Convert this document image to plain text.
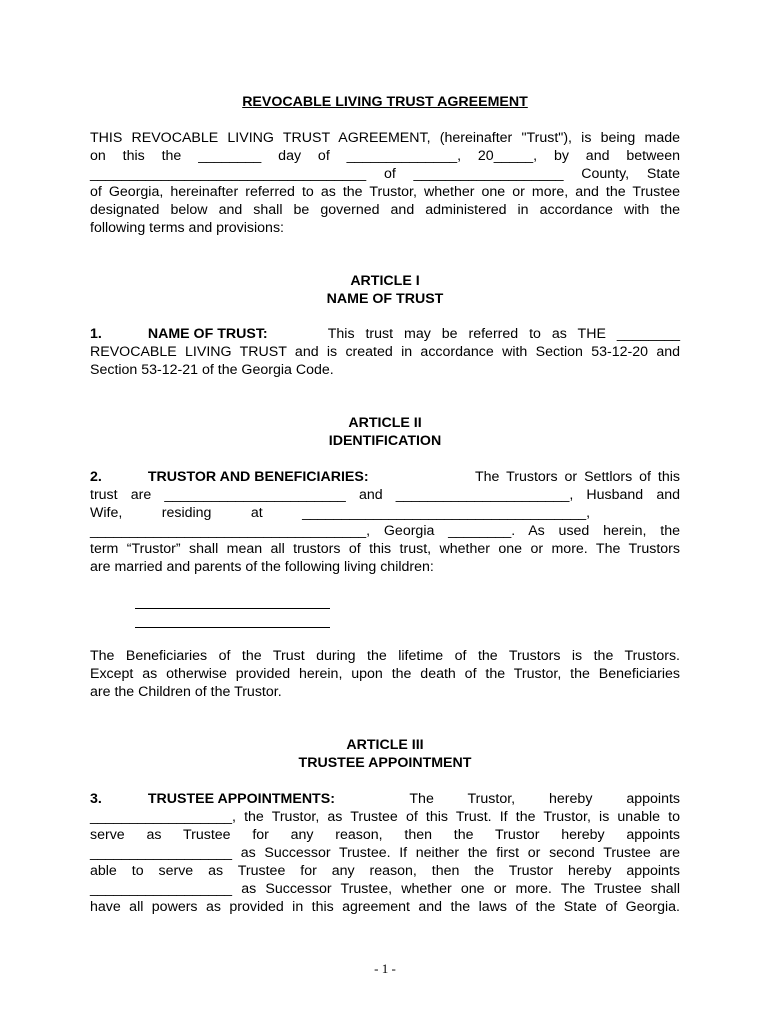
REVOCABLE LIVING TRUST AGREEMENT
THIS REVOCABLE LIVING TRUST AGREEMENT, (hereinafter "Trust"), is being made
on this the ________ day of ______________, 20_____, by and between
___________________________________ of ___________________ County, State
of Georgia, hereinafter referred to as the Trustor, whether one or more, and the Trustee
designated below and shall be governed and administered in accordance with the
following terms and provisions:
ARTICLE I
NAME OF TRUST
1.	NAME OF TRUST:	This trust may be referred to as THE ________
REVOCABLE LIVING TRUST and is created in accordance with Section 53-12-20 and
Section 53-12-21 of the Georgia Code.
ARTICLE II
IDENTIFICATION
2.	TRUSTOR AND BENEFICIARIES:	The Trustors or Settlors of this
trust are _______________________ and ______________________, Husband and
Wife,          residing          at          ____________________________________,
___________________________________, Georgia ________. As used herein, the
term “Trustor” shall mean all trustors of this trust, whether one or more. The Trustors
are married and parents of the following living children:
The Beneficiaries of the Trust during the lifetime of the Trustors is the Trustors.
Except as otherwise provided herein, upon the death of the Trustor, the Beneficiaries
are the Children of the Trustor.
ARTICLE III
TRUSTEE APPOINTMENT
3.	TRUSTEE APPOINTMENTS:	The Trustor, hereby appoints
__________________, the Trustor, as Trustee of this Trust. If the Trustor, is unable to
serve as Trustee for any reason, then the Trustor hereby appoints
__________________ as Successor Trustee. If neither the first or second Trustee are
able to serve as Trustee for any reason, then the Trustor hereby appoints
__________________ as Successor Trustee, whether one or more. The Trustee shall
have all powers as provided in this agreement and the laws of the State of Georgia.
- 1 -
